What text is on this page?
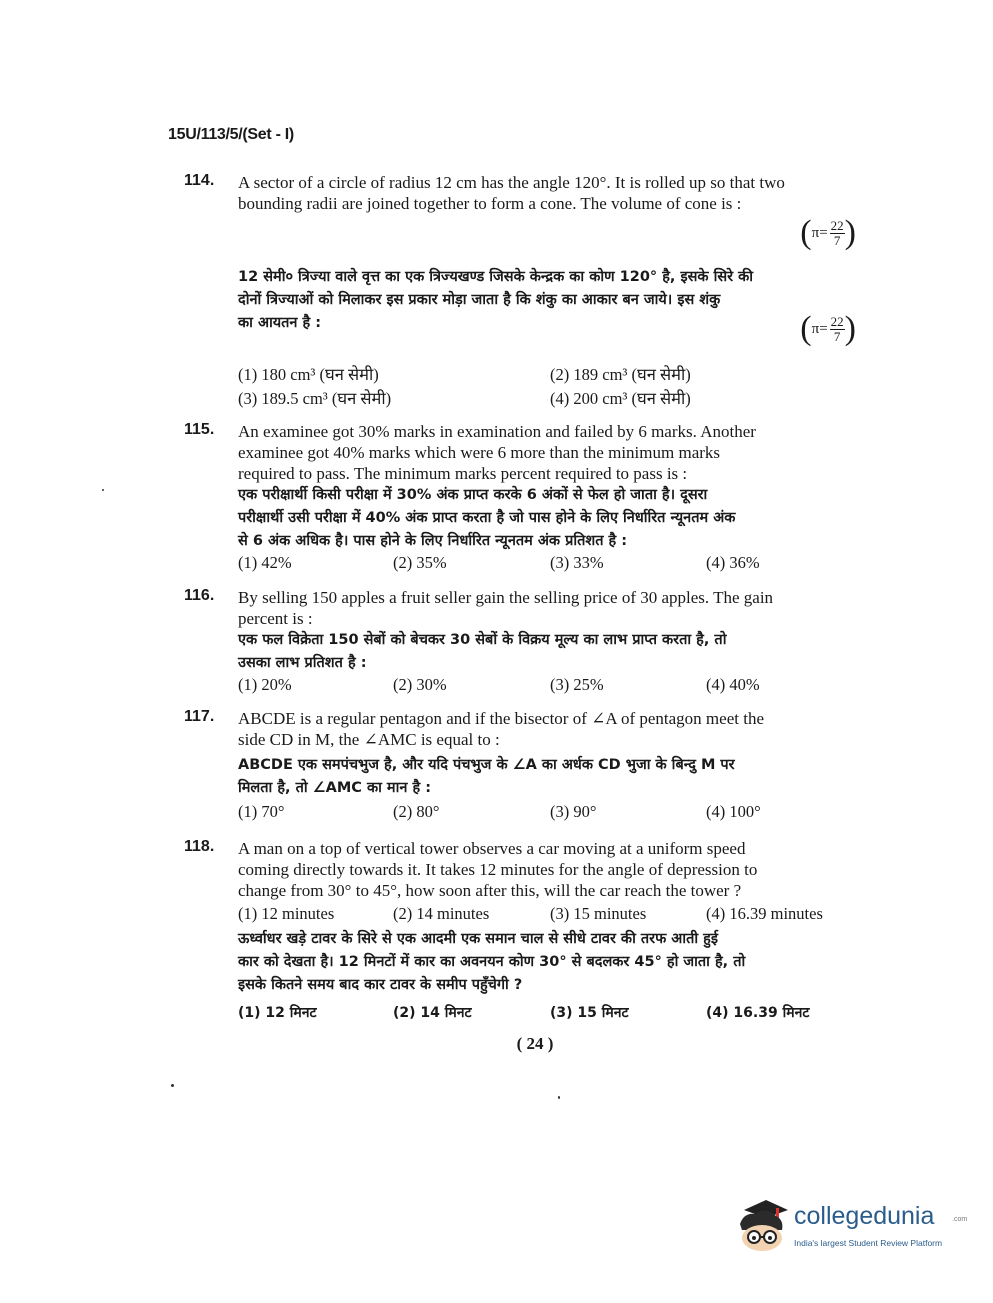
15U/113/5/(Set - I)
114. A sector of a circle of radius 12 cm has the angle 120°. It is rolled up so that two
bounding radii are joined together to form a cone. The volume of cone is :
( $\pi = \frac{22}{7}$ )
12 सेमी० त्रिज्या वाले वृत्त का एक त्रिज्यखण्ड जिसके केन्द्रक का कोण 120° है, इसके सिरे की
दोनों त्रिज्याओं को मिलाकर इस प्रकार मोड़ा जाता है कि शंकु का आकार बन जाये। इस शंकु
का आयतन है :	( $\pi = \frac{22}{7}$ )
(1) 180 cm³ (घन सेमी)	(2) 189 cm³ (घन सेमी)
(3) 189.5 cm³ (घन सेमी)	(4) 200 cm³ (घन सेमी)
115. An examinee got 30% marks in examination and failed by 6 marks. Another
examinee got 40% marks which were 6 more than the minimum marks
required to pass. The minimum marks percent required to pass is :
एक परीक्षार्थी किसी परीक्षा में 30% अंक प्राप्त करके 6 अंकों से फेल हो जाता है। दूसरा
परीक्षार्थी उसी परीक्षा में 40% अंक प्राप्त करता है जो पास होने के लिए निर्धारित न्यूनतम अंक
से 6 अंक अधिक है। पास होने के लिए निर्धारित न्यूनतम अंक प्रतिशत है :
(1) 42%	(2) 35%	(3) 33%	(4) 36%
116. By selling 150 apples a fruit seller gain the selling price of 30 apples. The gain
percent is :
एक फल विक्रेता 150 सेबों को बेचकर 30 सेबों के विक्रय मूल्य का लाभ प्राप्त करता है, तो
उसका लाभ प्रतिशत है :
(1) 20%	(2) 30%	(3) 25%	(4) 40%
117. ABCDE is a regular pentagon and if the bisector of ∠A of pentagon meet the
side CD in M, the ∠AMC is equal to :
ABCDE एक समपंचभुज है, और यदि पंचभुज के ∠A का अर्धक CD भुजा के बिन्दु M पर
मिलता है, तो ∠AMC का मान है :
(1) 70°	(2) 80°	(3) 90°	(4) 100°
118. A man on a top of vertical tower observes a car moving at a uniform speed
coming directly towards it. It takes 12 minutes for the angle of depression to
change from 30° to 45°, how soon after this, will the car reach the tower ?
(1) 12 minutes	(2) 14 minutes	(3) 15 minutes	(4) 16.39 minutes
ऊर्ध्वाधर खड़े टावर के सिरे से एक आदमी एक समान चाल से सीधे टावर की तरफ आती हुई
कार को देखता है। 12 मिनटों में कार का अवनयन कोण 30° से बदलकर 45° हो जाता है, तो
इसके कितने समय बाद कार टावर के समीप पहुँचेगी ?
(1) 12 मिनट	(2) 14 मिनट	(3) 15 मिनट	(4) 16.39 मिनट
( 24 )
collegedunia	.com
India's largest Student Review Platform
